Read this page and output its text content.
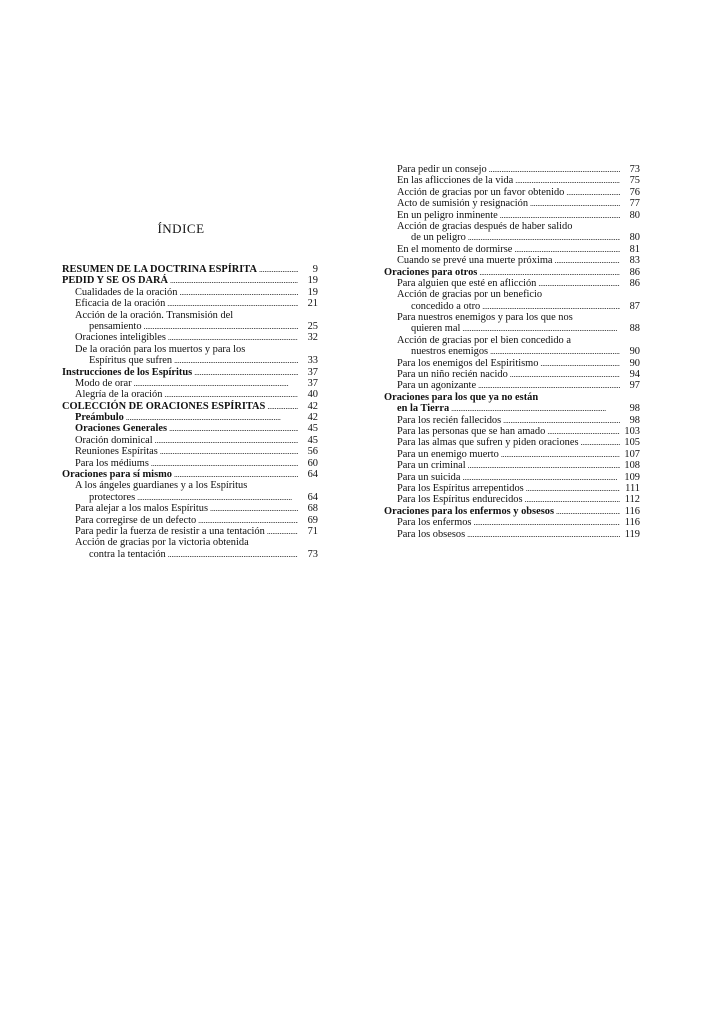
ÍNDICE
RESUMEN DE LA DOCTRINA ESPÍRITA . . .	9
PEDID Y SE OS DARÁ . . .	19
Cualidades de la oración . . .	19
Eficacia de la oración . . .	21
Acción de la oración. Transmisión del
pensamiento . . .	25
Oraciones inteligibles . . .	32
De la oración para los muertos y para los
Espíritus que sufren . . .	33
Instrucciones de los Espíritus . . .	37
Modo de orar . . .	37
Alegría de la oración . . .	40
COLECCIÓN DE ORACIONES ESPÍRITAS . . .	42
Preámbulo . . .	42
Oraciones Generales . . .	45
Oración dominical . . .	45
Reuniones Espíritas . . .	56
Para los médiums . . .	60
Oraciones para sí mismo . . .	64
A los ángeles guardianes y a los Espíritus
protectores . . .	64
Para alejar a los malos Espíritus . . .	68
Para corregirse de un defecto . . .	69
Para pedir la fuerza de resistir a una tentación . . .	71
Acción de gracias por la victoria obtenida
contra la tentación . . .	73
Para pedir un consejo . . .	73
En las aflicciones de la vida . . .	75
Acción de gracias por un favor obtenido . . .	76
Acto de sumisión y resignación . . .	77
En un peligro inminente . . .	80
Acción de gracias después de haber salido
de un peligro . . .	80
En el momento de dormirse . . .	81
Cuando se prevé una muerte próxima . . .	83
Oraciones para otros . . .	86
Para alguien que esté en aflicción . . .	86
Acción de gracias por un beneficio
concedido a otro . . .	87
Para nuestros enemigos y para los que nos
quieren mal . . .	88
Acción de gracias por el bien concedido a
nuestros enemigos . . .	90
Para los enemigos del Espiritismo . . .	90
Para un niño recién nacido . . .	94
Para un agonizante . . .	97
Oraciones para los que ya no están
en la Tierra . . .	98
Para los recién fallecidos . . .	98
Para las personas que se han amado . . .	103
Para las almas que sufren y piden oraciones . . .	105
Para un enemigo muerto . . .	107
Para un criminal . . .	108
Para un suicida . . .	109
Para los Espíritus arrepentidos . . .	111
Para los Espíritus endurecidos . . .	112
Oraciones para los enfermos y obsesos . . .	116
Para los enfermos . . .	116
Para los obsesos . . .	119
